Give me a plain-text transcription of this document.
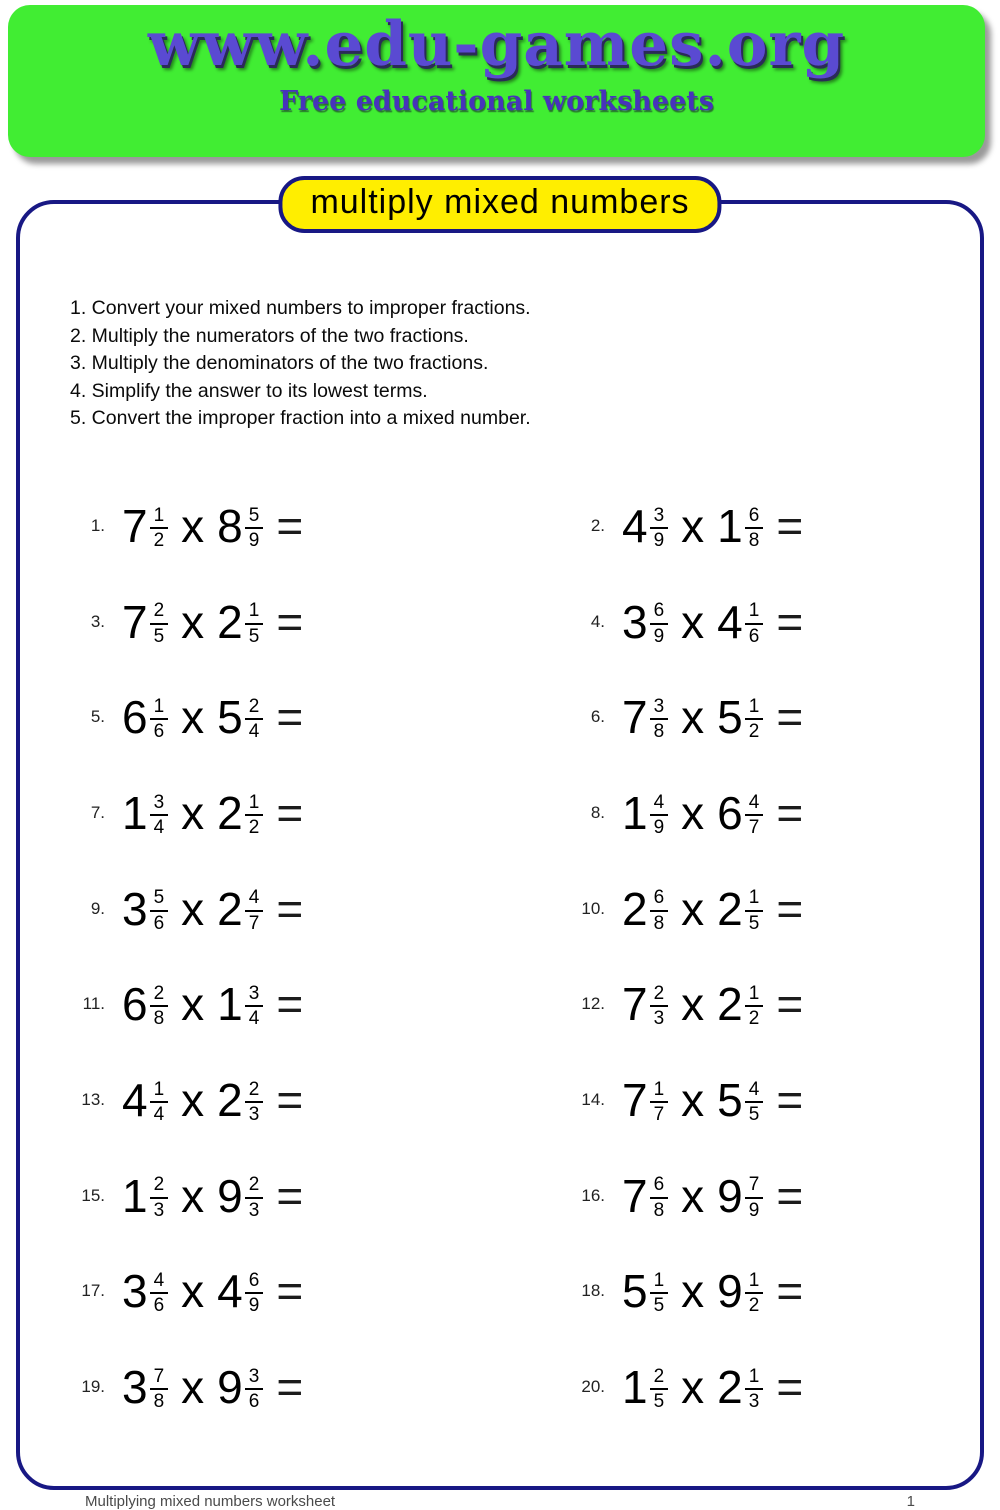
www.edu-games.org
Free educational worksheets
multiply mixed numbers
1. Convert your mixed numbers to improper fractions.
2. Multiply the numerators of the two fractions.
3. Multiply the denominators of the two fractions.
4. Simplify the answer to its lowest terms.
5. Convert the improper fraction into a mixed number.
1. $7 \frac{1}{2}$ x $8 \frac{5}{9}$ =	2. $4 \frac{3}{9}$ x $1 \frac{6}{8}$ =
3. $7 \frac{2}{5}$ x $2 \frac{1}{5}$ =	4. $3 \frac{6}{9}$ x $4 \frac{1}{6}$ =
5. $6 \frac{1}{6}$ x $5 \frac{2}{4}$ =	6. $7 \frac{3}{8}$ x $5 \frac{1}{2}$ =
7. $1 \frac{3}{4}$ x $2 \frac{1}{2}$ =	8. $1 \frac{4}{9}$ x $6 \frac{4}{7}$ =
9. $3 \frac{5}{6}$ x $2 \frac{4}{7}$ =	10. $2 \frac{6}{8}$ x $2 \frac{1}{5}$ =
11. $6 \frac{2}{8}$ x $1 \frac{3}{4}$ =	12. $7 \frac{2}{3}$ x $2 \frac{1}{2}$ =
13. $4 \frac{1}{4}$ x $2 \frac{2}{3}$ =	14. $7 \frac{1}{7}$ x $5 \frac{4}{5}$ =
15. $1 \frac{2}{3}$ x $9 \frac{2}{3}$ =	16. $7 \frac{6}{8}$ x $9 \frac{7}{9}$ =
17. $3 \frac{4}{6}$ x $4 \frac{6}{9}$ =	18. $5 \frac{1}{5}$ x $9 \frac{1}{2}$ =
19. $3 \frac{7}{8}$ x $9 \frac{3}{6}$ =	20. $1 \frac{2}{5}$ x $2 \frac{1}{3}$ =
Multiplying mixed numbers worksheet	1
